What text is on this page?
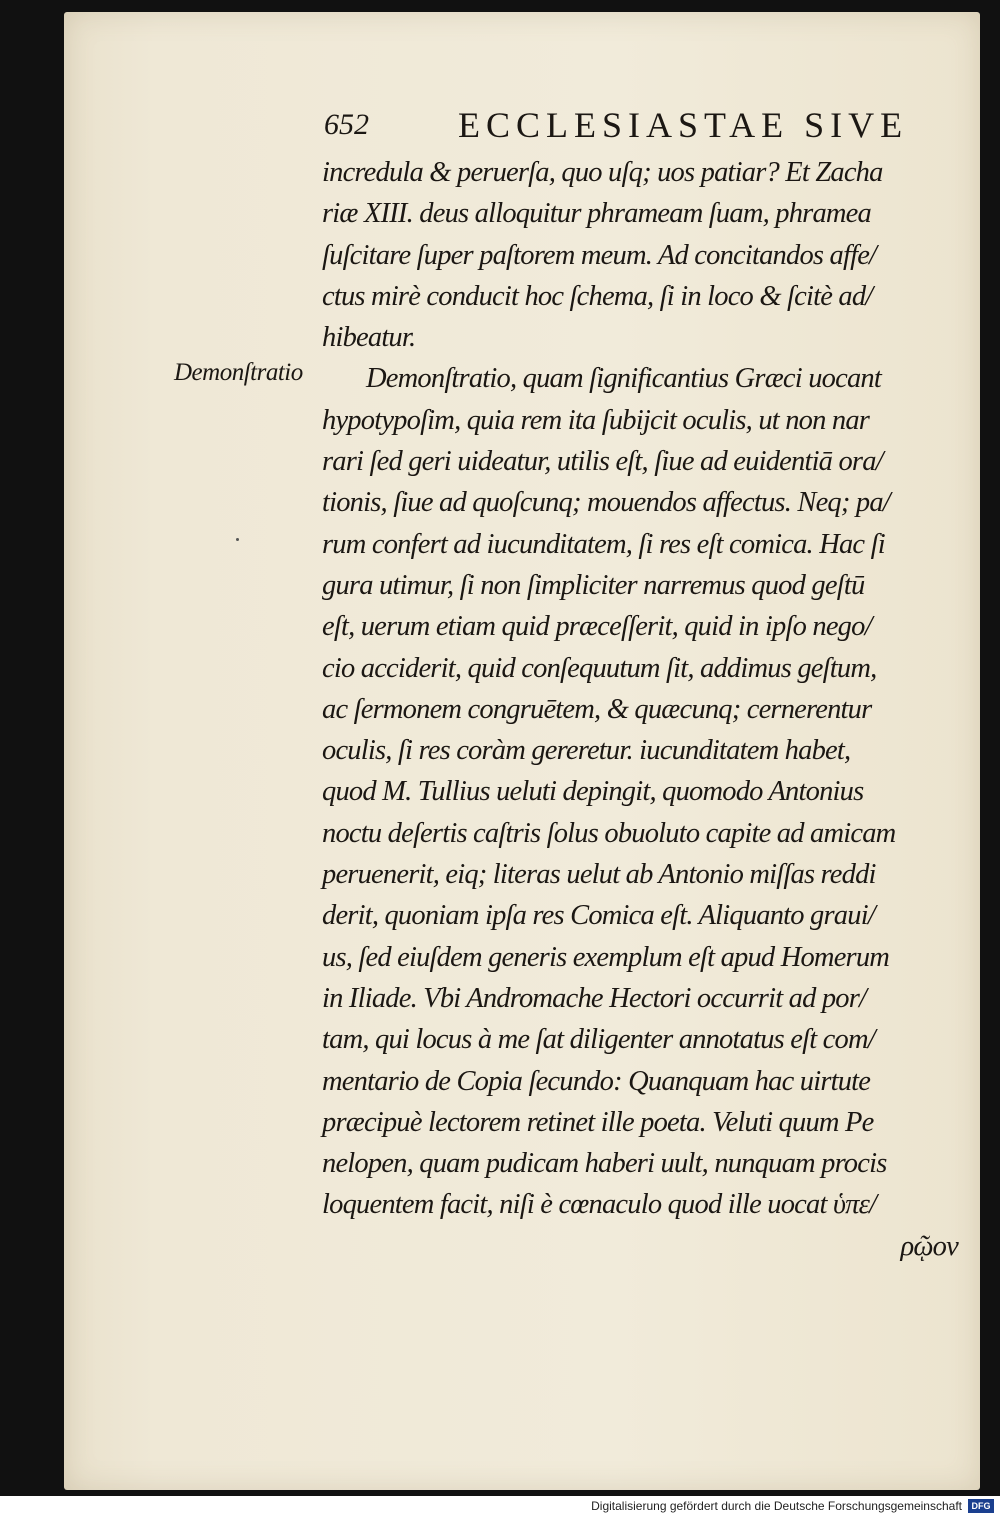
652 ECCLESIASTAE SIVE
Demonſtratio
incredula & peruerſa, quo uſq; uos patiar? Et Zacha
riæ XIII. deus alloquitur phrameam ſuam, phramea
ſuſcitare ſuper paſtorem meum. Ad concitandos affe/
ctus mirè conducit hoc ſchema, ſi in loco & ſcitè ad/
hibeatur.
Demonſtratio, quam ſignificantius Græci uocant
hypotypoſim, quia rem ita ſubijcit oculis, ut non nar
rari ſed geri uideatur, utilis eſt, ſiue ad euidentiā ora/
tionis, ſiue ad quoſcunq; mouendos affectus. Neq; pa/
rum confert ad iucunditatem, ſi res eſt comica. Hac ſi
gura utimur, ſi non ſimpliciter narremus quod geſtū
eſt, uerum etiam quid præceſſerit, quid in ipſo nego/
cio acciderit, quid conſequutum ſit, addimus geſtum,
ac ſermonem congruētem, & quæcunq; cernerentur
oculis, ſi res coràm gereretur. iucunditatem habet,
quod M. Tullius ueluti depingit, quomodo Antonius
noctu deſertis caſtris ſolus obuoluto capite ad amicam
peruenerit, eiq; literas uelut ab Antonio miſſas reddi
derit, quoniam ipſa res Comica eſt. Aliquanto graui/
us, ſed eiuſdem generis exemplum eſt apud Homerum
in Iliade. Vbi Andromache Hectori occurrit ad por/
tam, qui locus à me ſat diligenter annotatus eſt com/
mentario de Copia ſecundo: Quanquam hac uirtute
præcipuè lectorem retinet ille poeta. Veluti quum Pe
nelopen, quam pudicam haberi uult, nunquam procis
loquentem facit, niſi è cœnaculo quod ille uocat ὑπε/
ρῷον
Digitalisierung gefördert durch die Deutsche Forschungsgemeinschaft	DFG
